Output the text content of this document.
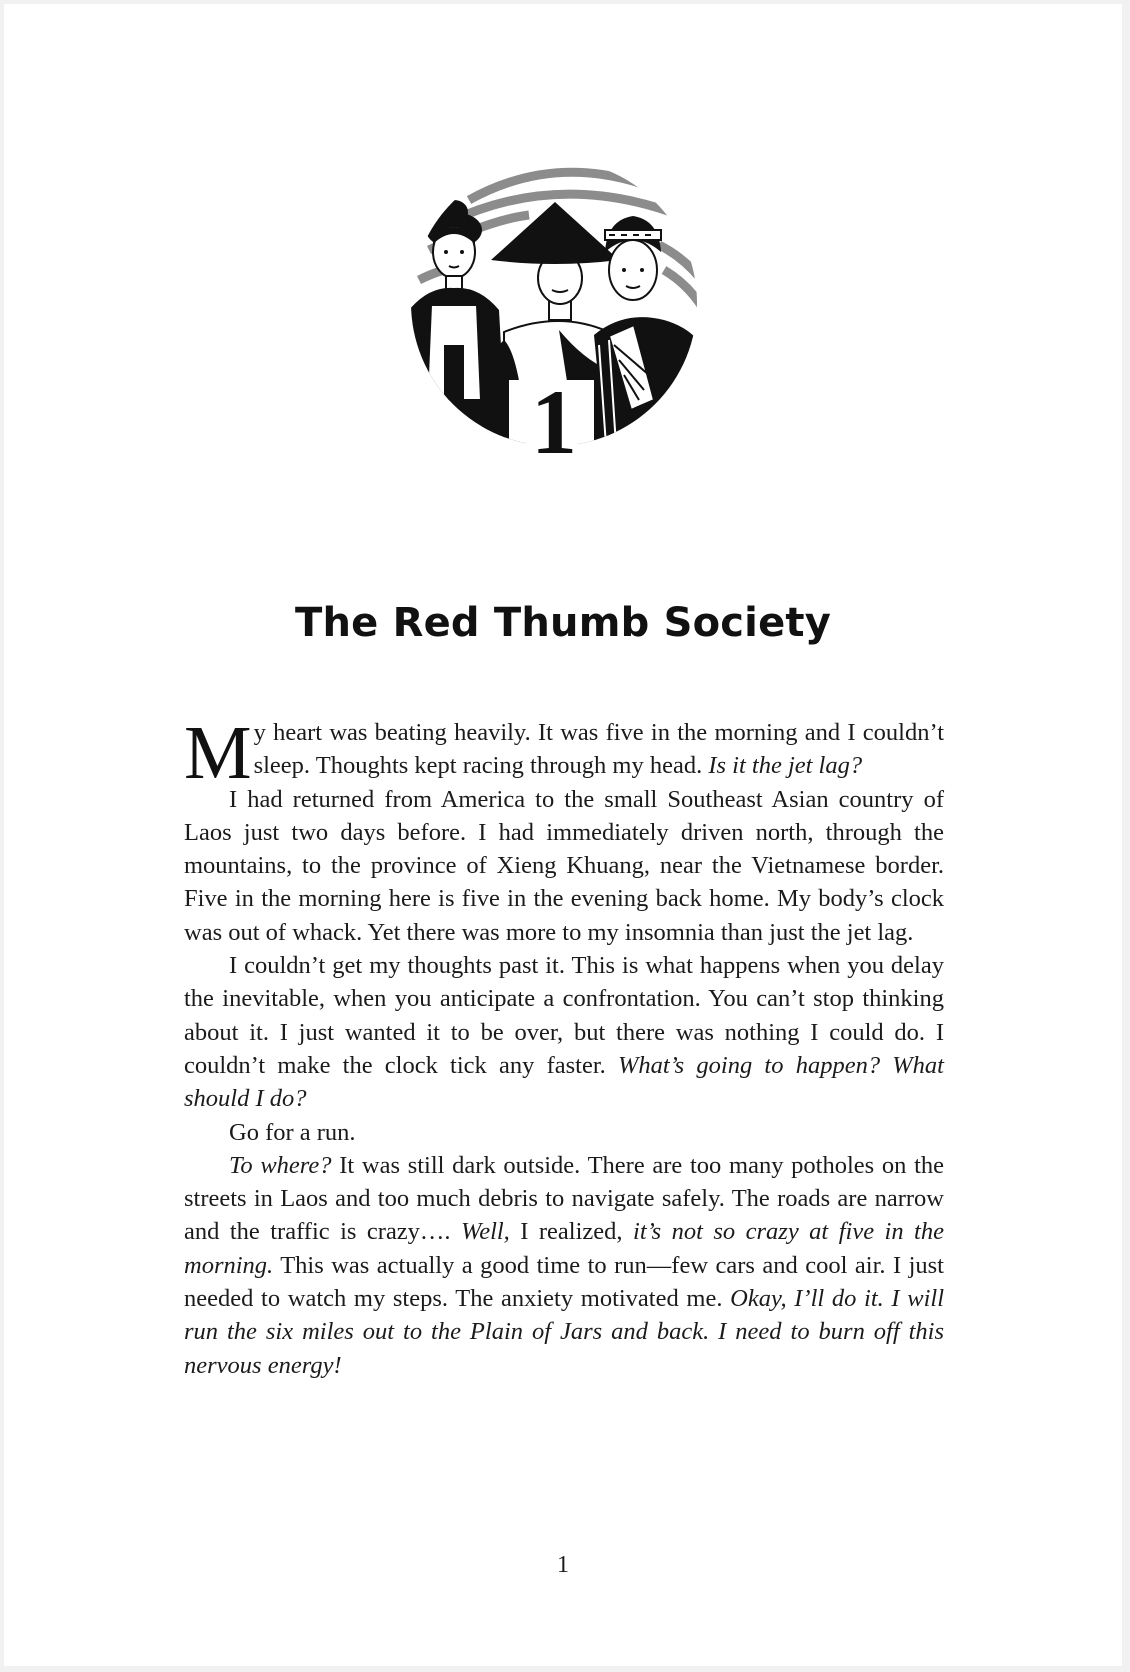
1
The Red Thumb Society

My heart was beating heavily. It was five in the morning and I couldn’t sleep. Thoughts kept racing through my head. Is it the jet lag?

I had returned from America to the small Southeast Asian country of Laos just two days before. I had immediately driven north, through the mountains, to the province of Xieng Khuang, near the Vietnamese border. Five in the morning here is five in the evening back home. My body’s clock was out of whack. Yet there was more to my insomnia than just the jet lag.

I couldn’t get my thoughts past it. This is what happens when you delay the inevitable, when you anticipate a confrontation. You can’t stop thinking about it. I just wanted it to be over, but there was nothing I could do. I couldn’t make the clock tick any faster. What’s going to happen? What should I do?

Go for a run.

To where? It was still dark outside. There are too many potholes on the streets in Laos and too much debris to navigate safely. The roads are narrow and the traffic is crazy…. Well, I realized, it’s not so crazy at five in the morning. This was actually a good time to run—few cars and cool air. I just needed to watch my steps. The anxiety motivated me. Okay, I’ll do it. I will run the six miles out to the Plain of Jars and back. I need to burn off this nervous energy!

1
